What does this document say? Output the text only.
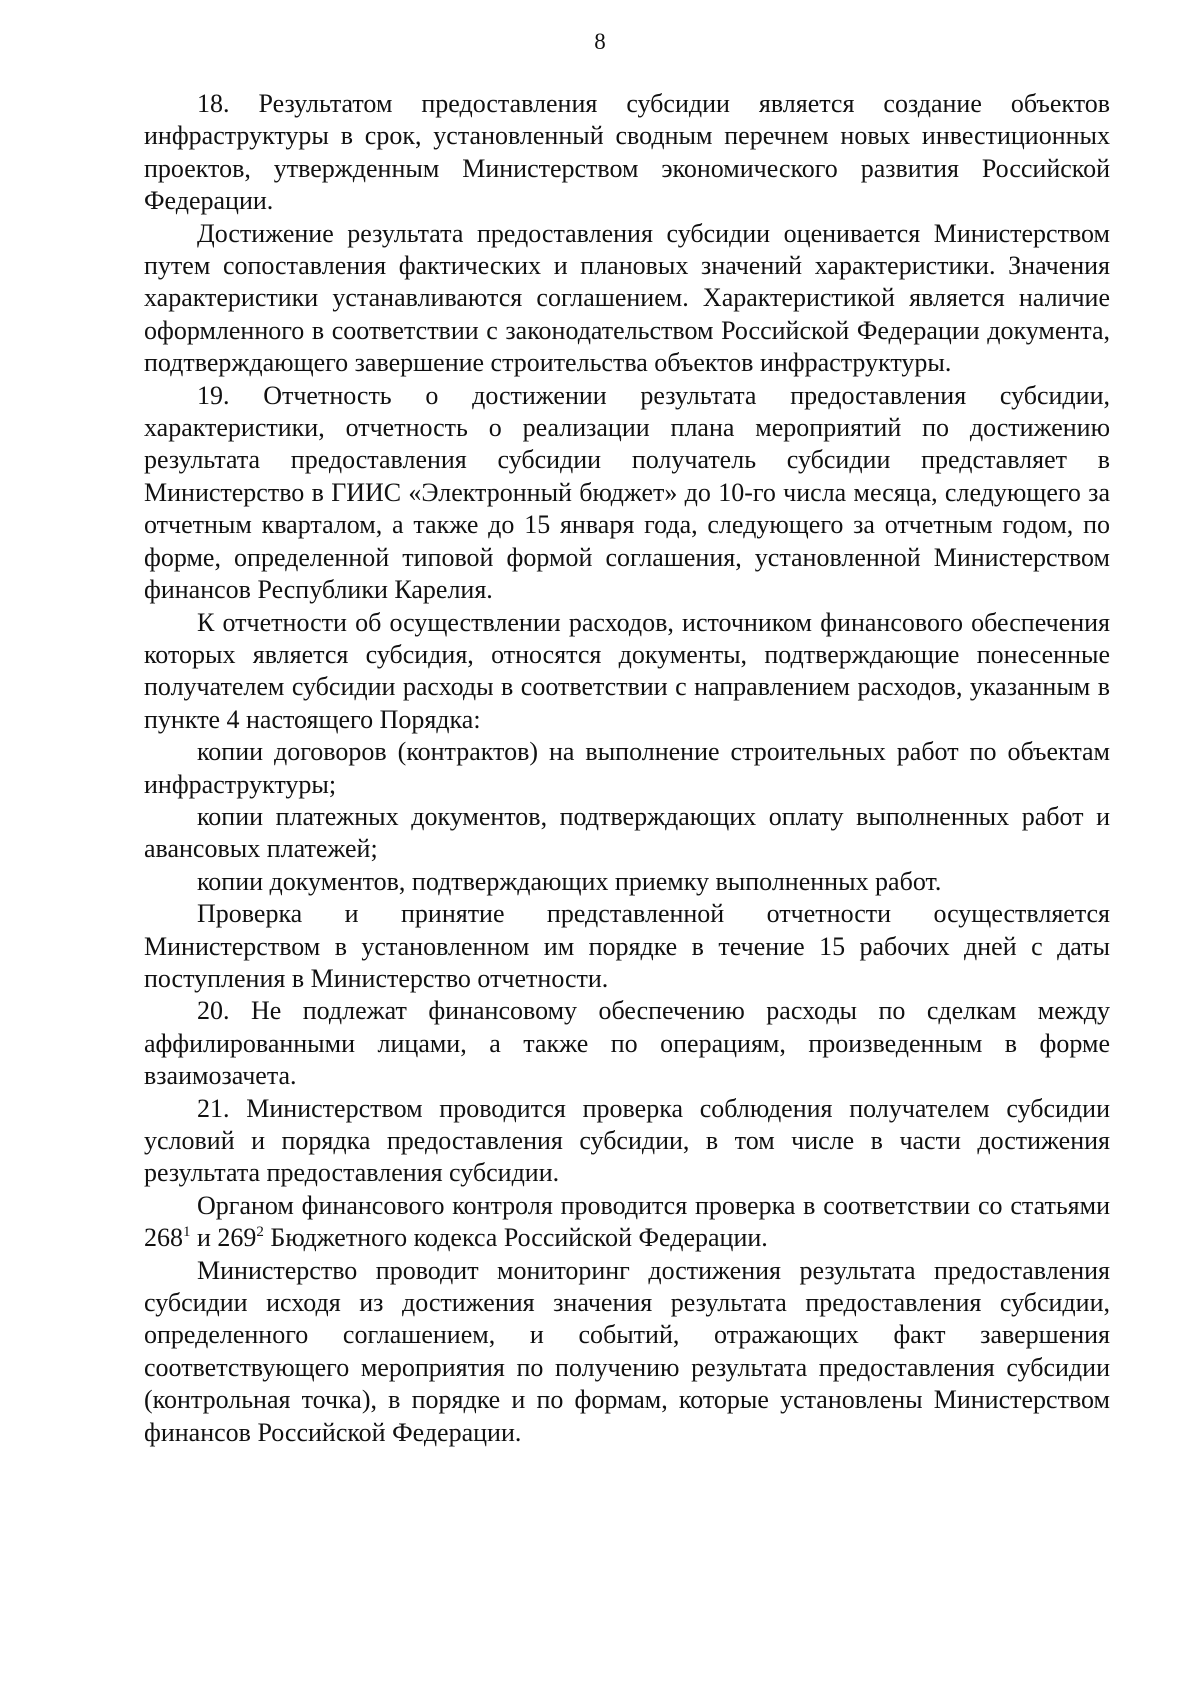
8

18. Результатом предоставления субсидии является создание объектов инфраструктуры в срок, установленный сводным перечнем новых инвестиционных проектов, утвержденным Министерством экономического развития Российской Федерации.

Достижение результата предоставления субсидии оценивается Министерством путем сопоставления фактических и плановых значений характеристики. Значения характеристики устанавливаются соглашением. Характеристикой является наличие оформленного в соответствии с законодательством Российской Федерации документа, подтверждающего завершение строительства объектов инфраструктуры.

19. Отчетность о достижении результата предоставления субсидии, характеристики, отчетность о реализации плана мероприятий по достижению результата предоставления субсидии получатель субсидии представляет в Министерство в ГИИС «Электронный бюджет» до 10-го числа месяца, следующего за отчетным кварталом, а также до 15 января года, следующего за отчетным годом, по форме, определенной типовой формой соглашения, установленной Министерством финансов Республики Карелия.

К отчетности об осуществлении расходов, источником финансового обеспечения которых является субсидия, относятся документы, подтверждающие понесенные получателем субсидии расходы в соответствии с направлением расходов, указанным в пункте 4 настоящего Порядка:

копии договоров (контрактов) на выполнение строительных работ по объектам инфраструктуры;

копии платежных документов, подтверждающих оплату выполненных работ и авансовых платежей;

копии документов, подтверждающих приемку выполненных работ.

Проверка и принятие представленной отчетности осуществляется Министерством в установленном им порядке в течение 15 рабочих дней с даты поступления в Министерство отчетности.

20. Не подлежат финансовому обеспечению расходы по сделкам между аффилированными лицами, а также по операциям, произведенным в форме взаимозачета.

21. Министерством проводится проверка соблюдения получателем субсидии условий и порядка предоставления субсидии, в том числе в части достижения результата предоставления субсидии.

Органом финансового контроля проводится проверка в соответствии со статьями $268^1$ и $269^2$ Бюджетного кодекса Российской Федерации.

Министерство проводит мониторинг достижения результата предоставления субсидии исходя из достижения значения результата предоставления субсидии, определенного соглашением, и событий, отражающих факт завершения соответствующего мероприятия по получению результата предоставления субсидии (контрольная точка), в порядке и по формам, которые установлены Министерством финансов Российской Федерации.
